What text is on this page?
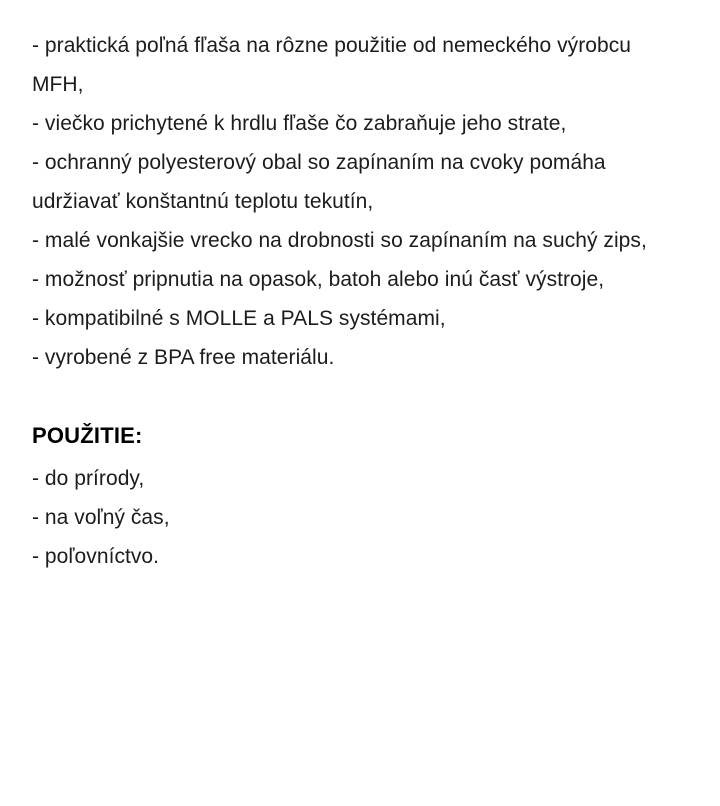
- praktická poľná fľaša na rôzne použitie od nemeckého výrobcu MFH,
- viečko prichytené k hrdlu fľaše čo zabraňuje jeho strate,
- ochranný polyesterový obal so zapínaním na cvoky pomáha udržiavať konštantnú teplotu tekutín,
- malé vonkajšie vrecko na drobnosti so zapínaním na suchý zips,
- možnosť pripnutia na opasok, batoh alebo inú časť výstroje,
- kompatibilné s MOLLE a PALS systémami,
- vyrobené z BPA free materiálu.
POUŽITIE:
- do prírody,
- na voľný čas,
- poľovníctvo.
